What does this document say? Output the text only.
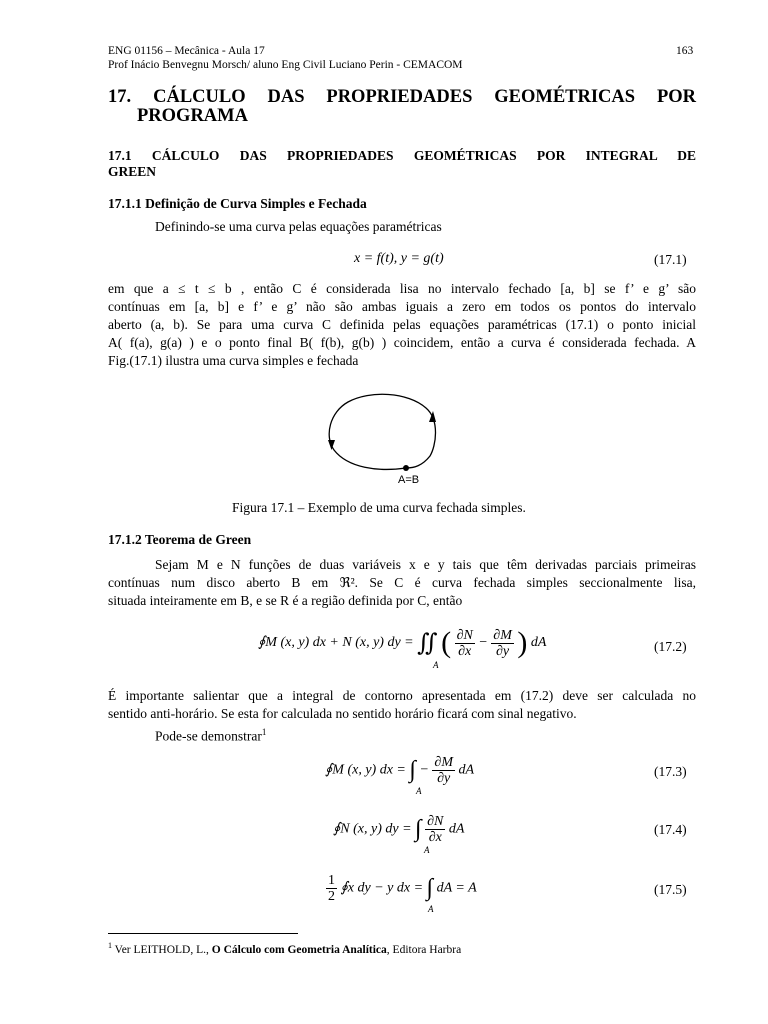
ENG 01156 – Mecânica - Aula 17	163
Prof Inácio Benvegnu Morsch/ aluno Eng Civil Luciano Perin - CEMACOM
17. CÁLCULO  DAS  PROPRIEDADES  GEOMÉTRICAS  POR
PROGRAMA
17.1  CÁLCULO  DAS  PROPRIEDADES  GEOMÉTRICAS  POR  INTEGRAL  DE
GREEN
17.1.1 Definição de Curva Simples e Fechada
Definindo-se uma curva pelas equações paramétricas
x = f(t), y = g(t)	(17.1)
em que a ≤ t ≤ b , então C é considerada lisa no intervalo fechado [a, b] se f’ e g’ são
contínuas em [a, b] e f’ e g’ não são ambas iguais a zero em todos os pontos do intervalo
aberto (a, b). Se para uma curva C definida pelas equações paramétricas (17.1) o ponto inicial
A( f(a), g(a) ) e o ponto final B( f(b), g(b) ) coincidem, então a curva é considerada fechada. A
Fig.(17.1) ilustra uma curva simples e fechada
A=B
Figura 17.1 – Exemplo de uma curva fechada simples.
17.1.2 Teorema de Green
Sejam M e N funções de duas variáveis x e y tais que têm derivadas parciais primeiras
contínuas num disco aberto B em ℜ². Se C é curva fechada simples seccionalmente lisa,
situada inteiramente em B, e se R é a região definida por C, então
∮M (x, y) dx + N (x, y) dy = ∬ ( $\frac{\partial N}{\partial x} - \frac{\partial M}{\partial y}$ ) dA
A
(17.2)
É importante salientar que a integral de contorno apresentada em (17.2) deve ser calculada no
sentido anti-horário. Se esta for calculada no sentido horário ficará com sinal negativo.
Pode-se demonstrar$^1$
∮M (x, y) dx = ∫ − $\frac{\partial M}{\partial y}$ dA
A
(17.3)
∮N (x, y) dy = ∫ $\frac{\partial N}{\partial x}$ dA
A
(17.4)
$\frac{1}{2}$ ∮x dy − y dx = ∫ dA = A
A
(17.5)
$^1$ Ver LEITHOLD, L., O Cálculo com Geometria Analítica, Editora Harbra
